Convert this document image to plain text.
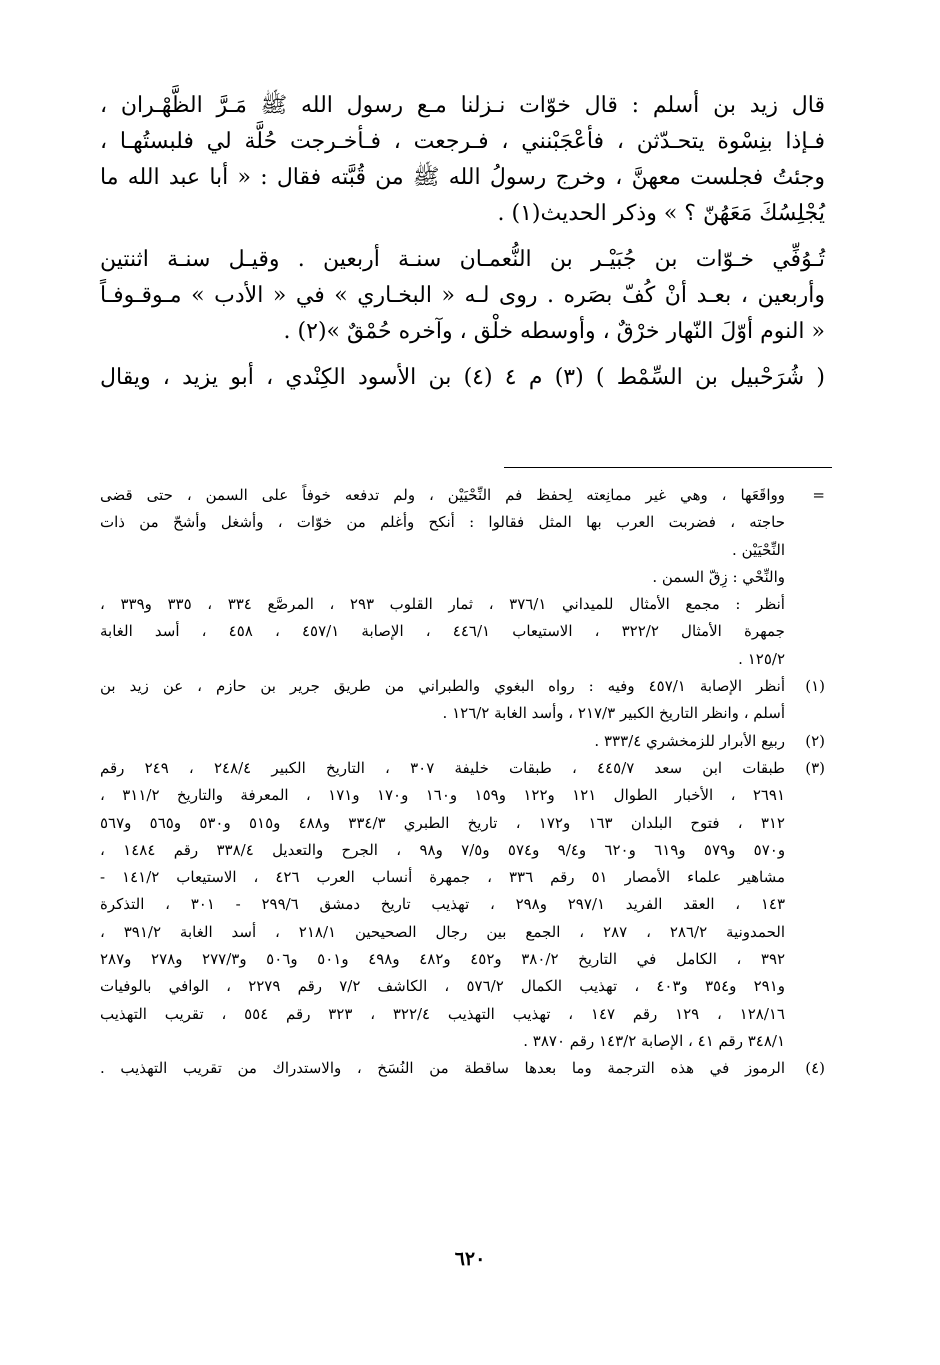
قال زيد بن أسلم : قال خوّات نـزلنا مـع رسول الله ﷺ مَـرَّ الظَّهْـران ،
فـإذا بنِسْوة يتحـدّثن ، فأعْجَبْنني ، فـرجعت ، فـأخـرجت حُلَّة لي فلبستُهـا ،
وجئتُ فجلست معهنَّ ، وخرج رسولُ الله ﷺ من قُبَّته فقال : « أبا عبد الله ما
يُجْلِسُكَ مَعَهُنّ ؟ » وذكر الحديث(١) .
تُـوُفِّي خـوّات بن جُبَيْـر بن النُّعمـان سنـة أربعين . وقيـل سنـة اثنتين
وأربعين ، بعـد أنْ كُفّ بصَره . روى لـه « البخـاري » في « الأدب » مـوقـوفـاً
« النوم أوّلَ النّهار خرْقٌ ، وأوسطه خلْق ، وآخره حُمْقٌ »(٢) .
( شُرَحْبيل بن السِّمْط ) (٣) م ٤ (٤) بن الأسود الكِنْدي ، أبو يزيد ، ويقال
=
وواقَعَها ، وهي غير ممانِعته لِحفظ فم النِّحْيَيْن ، ولم تدفعه خوفاً على السمن ، حتى قضى
حاجته ، فضربت العرب بها المثل فقالوا : أنكح وأغلم من خوّات ، وأشغل وأشحّ من ذات
النِّحْيَيْن .
والنِّحْي : زِقّ السمن .
أنظر : مجمع الأمثال للميداني ٣٧٦/١ ، ثمار القلوب ٢٩٣ ، المرصَّع ٣٣٤ ، ٣٣٥ و٣٣٩ ،
جمهرة الأمثال ٣٢٢/٢ ، الاستيعاب ٤٤٦/١ ، الإصابة ٤٥٧/١ ، ٤٥٨ ، أسد الغابة
١٢٥/٢ .
(١)
أنظر الإصابة ٤٥٧/١ وفيه : رواه البغوي والطبراني من طريق جرير بن حازم ، عن زيد بن
أسلم ، وانظر التاريخ الكبير ٢١٧/٣ ، وأسد الغابة ١٢٦/٢ .
(٢)
ربيع الأبرار للزمخشري ٣٣٣/٤ .
(٣)
طبقات ابن سعد ٤٤٥/٧ ، طبقات خليفة ٣٠٧ ، التاريخ الكبير ٢٤٨/٤ ، ٢٤٩ رقم
٢٦٩١ ، الأخبار الطوال ١٢١ و١٢٢ و١٥٩ و١٦٠ و١٧٠ و١٧١ ، المعرفة والتاريخ ٣١١/٢ ،
٣١٢ ، فتوح البلدان ١٦٣ و١٧٢ ، تاريخ الطبري ٣٣٤/٣ و٤٨٨ و٥١٥ و٥٣٠ و٥٦٥ و٥٦٧
و٥٧٠ و٥٧٩ و٦١٩ و٦٢٠ و٩/٤ و٥٧٤ و٧/٥ و٩٨ ، الجرح والتعديل ٣٣٨/٤ رقم ١٤٨٤ ،
مشاهير علماء الأمصار ٥١ رقم ٣٣٦ ، جمهرة أنساب العرب ٤٢٦ ، الاستيعاب ١٤١/٢ -
١٤٣ ، العقد الفريد ٢٩٧/١ و٢٩٨ ، تهذيب تاريخ دمشق ٢٩٩/٦ - ٣٠١ ، التذكرة
الحمدونية ٢٨٦/٢ ، ٢٨٧ ، الجمع بين رجال الصحيحين ٢١٨/١ ، أسد الغابة ٣٩١/٢ ،
٣٩٢ ، الكامل في التاريخ ٣٨٠/٢ و٤٥٢ و٤٨٢ و٤٩٨ و٥٠١ و٥٠٦ و٢٧٧/٣ و٢٧٨ و٢٨٧
و٢٩١ و٣٥٤ و٤٠٣ ، تهذيب الكمال ٥٧٦/٢ ، الكاشف ٧/٢ رقم ٢٢٧٩ ، الوافي بالوفيات
١٢٨/١٦ ، ١٢٩ رقم ١٤٧ ، تهذيب التهذيب ٣٢٢/٤ ، ٣٢٣ رقم ٥٥٤ ، تقريب التهذيب
٣٤٨/١ رقم ٤١ ، الإصابة ١٤٣/٢ رقم ٣٨٧٠ .
(٤)
الرموز في هذه الترجمة وما بعدها ساقطة من النُسَخ ، والاستدراك من تقريب التهذيب .
٦٢٠
